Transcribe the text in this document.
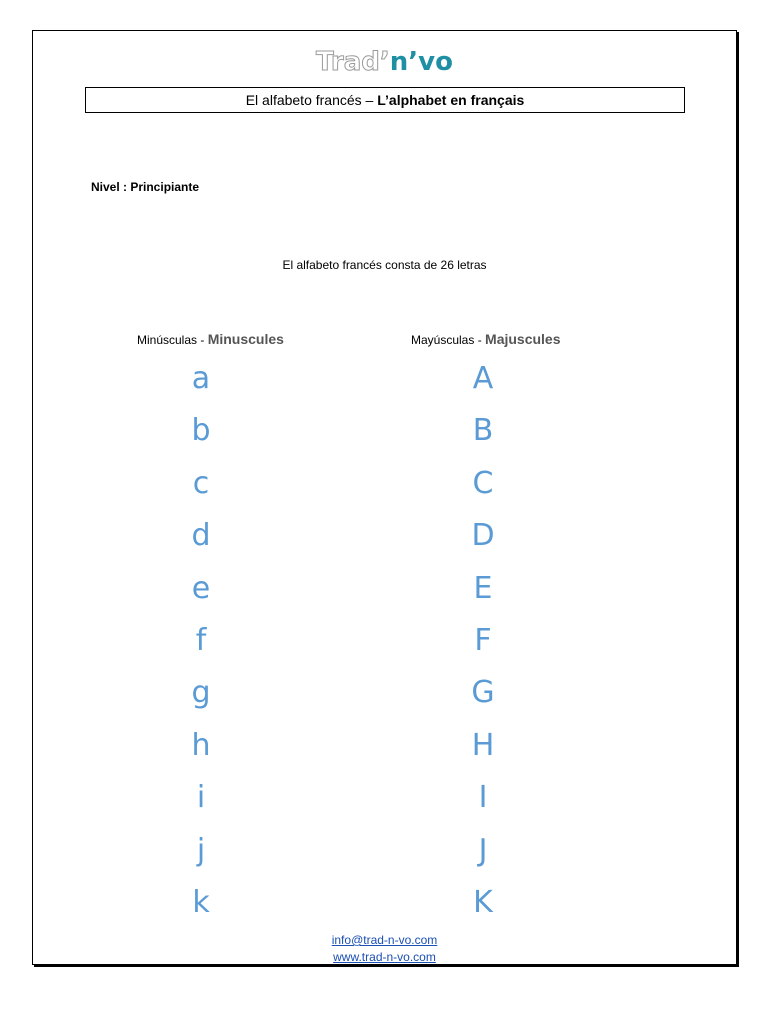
Trad’n’vo
El alfabeto francés – L’alphabet en français
Nivel : Principiante
El alfabeto francés consta de 26 letras
Minúsculas - Minuscules	Mayúsculas - Majuscules
a
b
c
d
e
f
g
h
i
j
k
A
B
C
D
E
F
G
H
I
J
K
info@trad-n-vo.com
www.trad-n-vo.com
